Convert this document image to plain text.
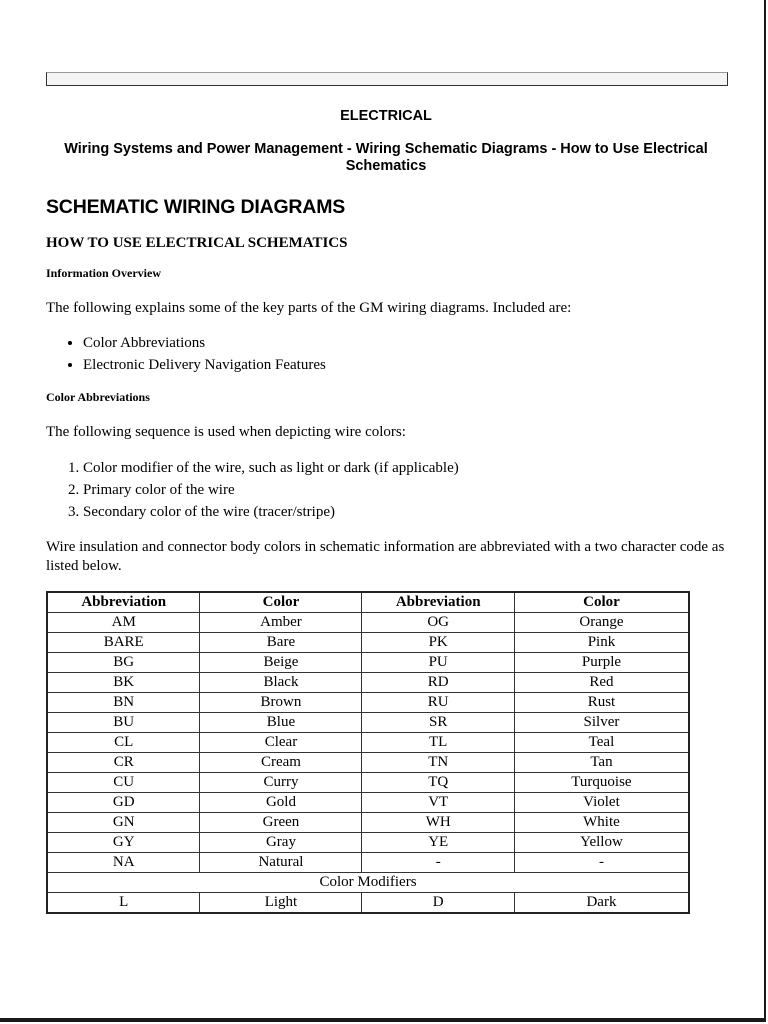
ELECTRICAL
Wiring Systems and Power Management - Wiring Schematic Diagrams - How to Use Electrical Schematics
SCHEMATIC WIRING DIAGRAMS
HOW TO USE ELECTRICAL SCHEMATICS
Information Overview

The following explains some of the key parts of the GM wiring diagrams. Included are:

• Color Abbreviations
• Electronic Delivery Navigation Features
Color Abbreviations

The following sequence is used when depicting wire colors:

1. Color modifier of the wire, such as light or dark (if applicable)
2. Primary color of the wire
3. Secondary color of the wire (tracer/stripe)

Wire insulation and connector body colors in schematic information are abbreviated with a two character code as listed below.

Abbreviation	Color	Abbreviation	Color
AM	Amber	OG	Orange
BARE	Bare	PK	Pink
BG	Beige	PU	Purple
BK	Black	RD	Red
BN	Brown	RU	Rust
BU	Blue	SR	Silver
CL	Clear	TL	Teal
CR	Cream	TN	Tan
CU	Curry	TQ	Turquoise
GD	Gold	VT	Violet
GN	Green	WH	White
GY	Gray	YE	Yellow
NA	Natural	-	-
Color Modifiers			
L	Light	D	Dark
